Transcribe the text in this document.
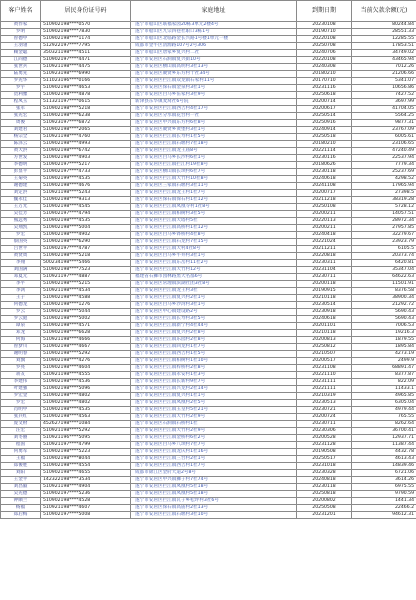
客户姓名	居民身份证号码	家庭地址	到期日期	当前欠款余额(元)
黄作家	510902198****0570	遂宁市船山区联福家园20栋3单元2楼4号	20230108	80244.84
罗明	510902198****7830	遂宁市船山区九宗四巷社职口3栋1号	20190710	28551.33
曾德甲	510902198****1174	遂宁市船山区北临路金长兴路1号楼1单元一楼	20220108	12285.55
王羽翎	512922197****7795	成都市金牛区清源路107号2号306	20250708	17853.51
赖金聪	350321198****4511	遂宁市船山区唐家乡复兴村二社	20240706	34749.02
江尚德	510902197****4471	遂宁市安居区石洞镇复兴街10号	20220108	43465.94
张世兵	510921198****4475	遂宁市安居区横山镇高明村3社13号	20240308	7012.26
陆勇先	510923198****6990	遂宁市安居区聚贤乡东方村十社34号	20180210	21206.66
罗先华	511023196****0166	遂宁市安居区拦江镇双龙镇石家村11号	20170710	5341.07
罗宇	510902198****4653	遂宁市安居区保石镇金泉村3社1号	20231116	10656.86
贺利雅	510902198****4878	遂宁市安居区白马乡伍家村3社9号	20250618	7427.52
程凤玉	511321197****0615	新津县东华镇麦窝社6号院	20200714	3697.99
张军	510902198****5218	遂宁市安居区拦江镇西吉村4社17号	20200617	41704.05
张先宏	510902198****6238	遂宁市安居区分水镇花台村一社	20250514	5564.25
周俊	510923197****6872	遂宁市安居区中兴镇东方村6社8号	20250916	9877.31
刘建君	510902198****2065	遂宁市安居区聚贤乡黄堡村3社1号	20240914	23767.09
杨宗全	510921198****4760	遂宁市安居区拦江镇长寿村1社5号	20250518	6005.61
陈泽云	510902198****4993	遂宁市安居区拦江镇石堰村7社18号	20180210	23106.65
黄大洪	510902198****6742	遂宁市安居区拦江镇龙王庙8号	20221114	47240.49
方世发	510902198****4903	遂宁市安居区白马乡长沙村6社1号	20230116	22537.94
李德明	510902197****5217	遂宁市安居区拦江镇拦江村19社8号	20180626	7779.34
彭显平	510902197****4733	遂宁市安居区横山镇长坝村6社7号	20230118	25237.69
王菊英	510902199****4535	遂宁市安居区拦江镇大竹村10社8号	20240618	4298.52
谢德建	510902198****4676	遂宁市安居区三家镇石堰村3社11号	20241108	17965.94
刘定洪	510921198****5243	遂宁市安居区拦江镇龙王村1社7号	20200717	27398.5
魏永佳	510902198****9313	遂宁市安居区保石镇保石村1社12号	20211218	38319.28
王万光	510902198****4545	遂宁市安居区拦江镇凤凰寺村1社8号	20250108	5728.12
吴佳芳	510902197****4794	遂宁市安居区拦江镇柏树村3社5号	20200211	14057.51
熊远秀	510902198****4535	遂宁市安居区拦江镇大塔村5社	20220113	28972.34
吴翔凯	510902198****5004	遂宁市安居区拦江镇高桥村1社12号	20200211	27957.85
罗宏	510902198****4902	遂宁市安居区白马乡铧桥村4社8号	20240418	32279.67
蔡国英	510902198****6290	遂宁市安居区拦江镇石龙村7社15号	20221024	23923.79
吕世平	510902197****4787	遂宁市安居区拦江镇大村4社8号	20211211	6105.5
黄贤周	510902198****5218	遂宁市安居区白马乡牛井村3社1号	20220818	20373.74
李翔	500234198****5466	遂宁市安居区拦江镇东岳村11社2号	20230311	6420.81
刘国满	510902198****7523	遂宁市安居区拦江镇大竹村12号	20231104	35347.04
邓夏元	510921197****4887	福建省石狮市园林路黑大名都6号	20230711	64622.63
李平	510902198****5215	遂宁市安居区常理镇滨湖社团3社8号	20200118	11501.91
李鸿	510921198****4534	遂宁市安居区拦江镇龙王村3社	20190915	8376.58
王子	510902198****4588	遂宁市安居区拦江镇复兴村2社1号	20210118	38900.34
何德龙	510902198****1276	遂宁市安居区白马乡沙湾村3社1号	20230514	21292.72
罗云	510902198****5044	遂宁市安居区中心镇建设路2号	20230918	5690.43
罗云庭	510902198****5002	遂宁市安居区拦江镇长寿村3社5号	20240618	5690.43
谭泉	510902198****4571	遂宁市安居区拦江镇新宁村4社44号	20201101	7006.53
邓龙	510902198****6628	遂宁市安居区拦江镇复兴村2社8号	20210118	19216.3
何海	510921198****4666	遂宁市安居区拦江镇乐园村2社8号	20200813	1879.55
曾梦川	510902198****4667	遂宁市安居区拦江镇回龙村1社7号	20250812	1895.84
谢明春	510902198****5292	遂宁市安居区拦江镇西吉村1社5号	20210507	4273.19
刘旗	510902198****4276	遂宁市安居区拦江镇柏树村1社10号	20200517	2499.9
罗亮	510902198****4604	遂宁市安居区拦江镇梓桥村2社8号	20231108	68891.47
蒋友	510921198****4555	遂宁市安居区拦江镇永安村1社3号	20221110	8377.87
李建伟	510902198****4536	遂宁市安居区拦江镇长新村9社7号	20231111	822.09
叶建强	510902198****5096	遂宁市安居区拦江镇兴龙村2社14号	20221111	11433.1
罗宏金	510902198****4802	遂宁市安居区拦江镇复兴村1社1号	20210319	4965.85
罗宏	510902198****4802	遂宁市安居区拦江镇凤凰村2社5号	20230513	6305.04
肖明甲	510902198****4535	遂宁市安居区拦江镇玉皇村5社21号	20230721	4979.44
张兵红	510902198****4563	遂宁市安居区拦江镇大竹村2社9号	20200724	765.55
庞文财	452627198****1084	遂宁市安居区石洞镇石桥村1社	20230711	8262.64
汪宏	510921198****5292	遂宁市安居区拦江镇大竹村2社9号	20230306	36700.41
刘冬丽	510921196****5095	遂宁市安居区拦江镇金桥村6社2号	20200528	12937.71
程国	510921197****4799	遂宁市安居区白马乡八坝村7社7号	20231128	11387.44
何勇军	510902198****5223	遂宁市安居区拦江镇龙庆村1社16号	20190508	4432.78
王福	510902198****8044	遂宁市安居区拦江镇三台村2社1号	20250517	4613.43
郑俊胜	510902198****4554	遂宁市安居区拦江镇西吉村1社7号	20231018	14839.46
刘阳	510902198****4655	成都市锦江区金府大道2号8号	20230328	6721.06
王金平	142322198****3534	遂宁市安居区中兴镇狮子村7社74号	20240818	3614.26
刘昌毅	510921198****4904	遂宁市安居区拦江镇凤凰村5社18号	20230118	6975.55
吴先德	510902197****5236	遂宁市安居区拦江镇凤凰村5社18号	20250818	9790.59
钟顺兰	510902198****4528	遂宁市安居区拦江镇瓦子乡松坪村3社6号	20200802	1441.34
杨福	510921198****4607	遂宁市安居区保石镇高庙村2社13号	20250508	22466.2
郑后梅	510902197****5008	遂宁市安居区拦江镇石堰村3社10号	20231201	94612.31
